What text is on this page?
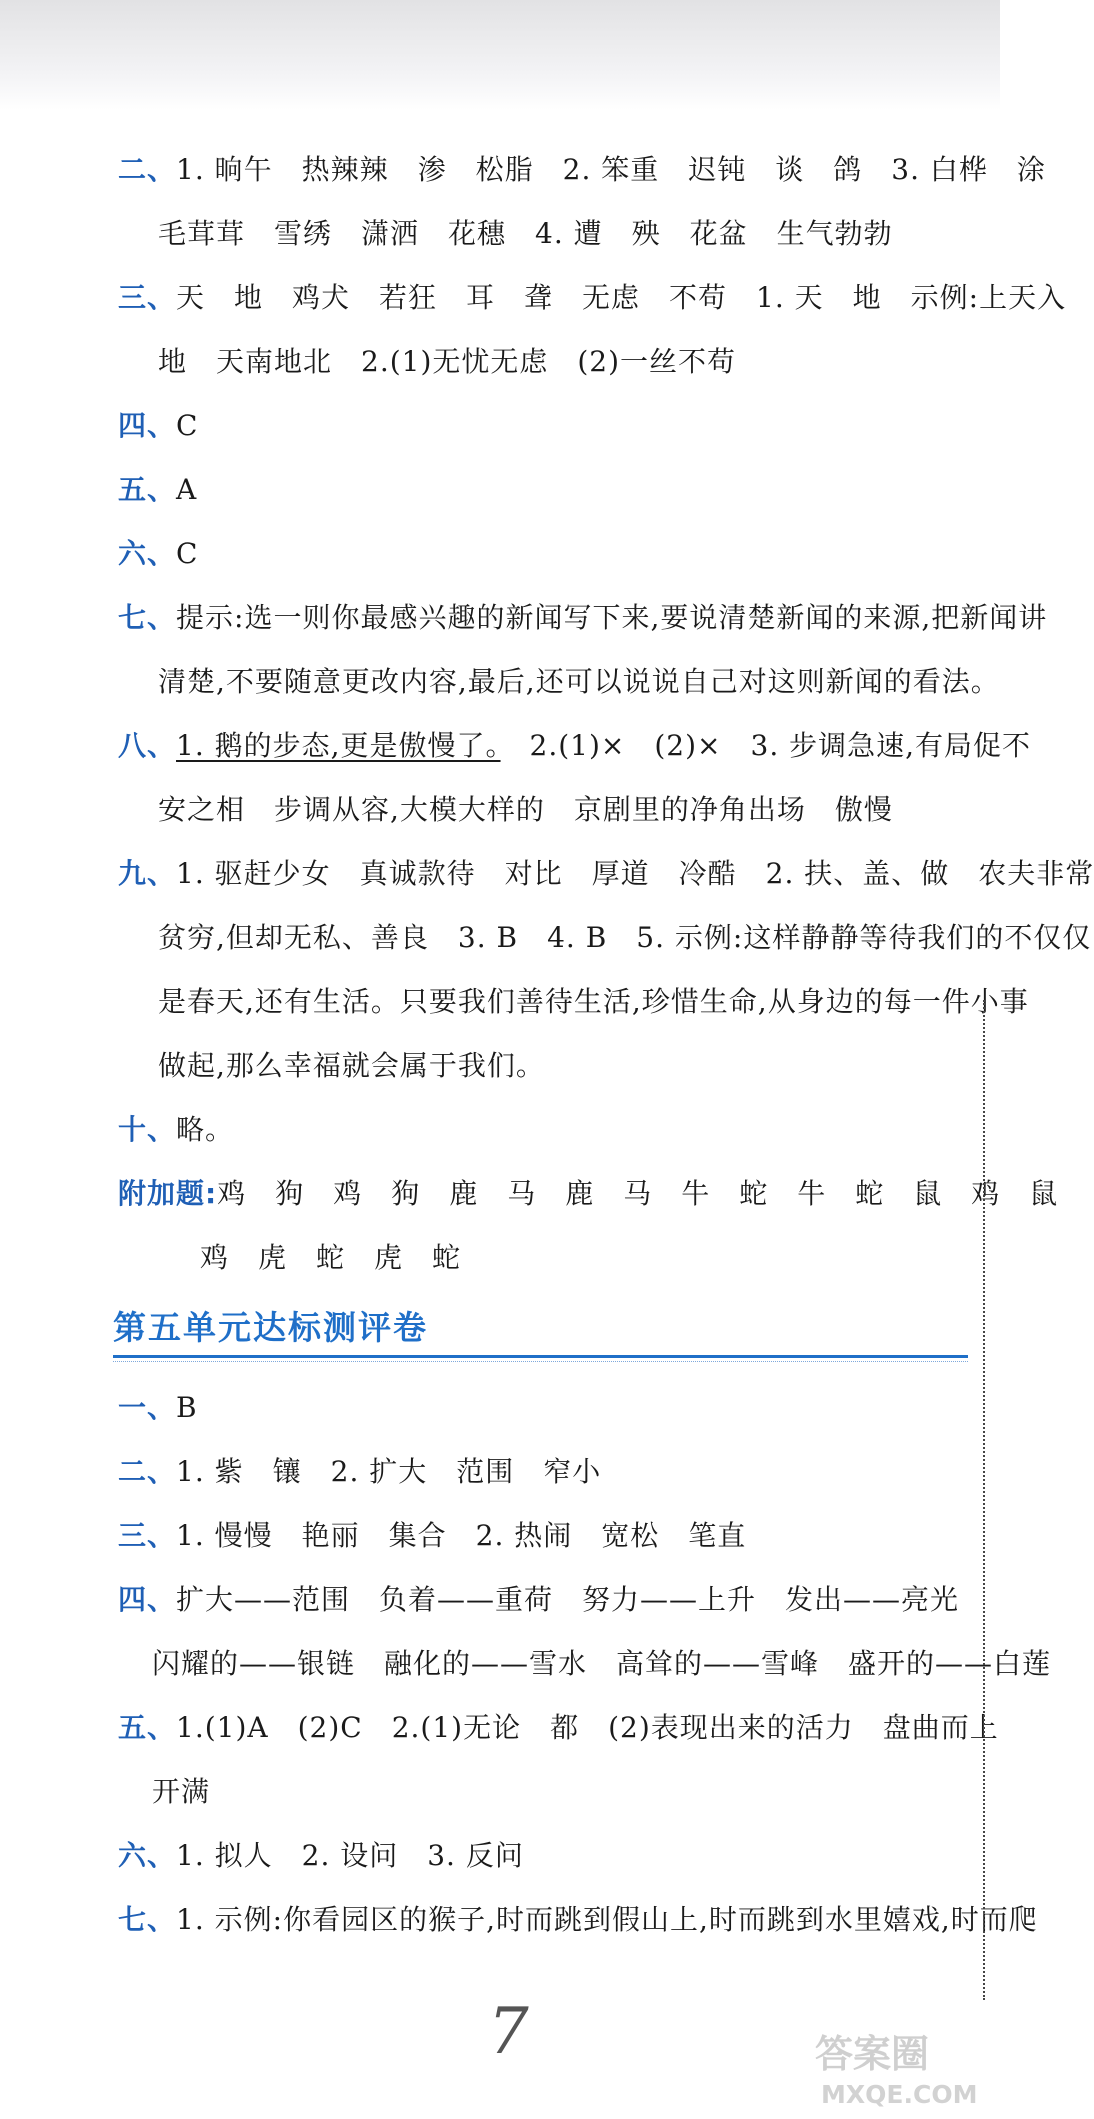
二、1. 晌午　热辣辣　渗　松脂　2. 笨重　迟钝　谈　鸽　3. 白桦　涂
毛茸茸　雪绣　潇洒　花穗　4. 遭　殃　花盆　生气勃勃
三、天　地　鸡犬　若狂　耳　聋　无虑　不苟　1. 天　地　示例:上天入
地　天南地北　2.(1)无忧无虑　(2)一丝不苟
四、C
五、A
六、C
七、提示:选一则你最感兴趣的新闻写下来,要说清楚新闻的来源,把新闻讲
清楚,不要随意更改内容,最后,还可以说说自己对这则新闻的看法。
八、1. 鹅的步态,更是傲慢了。　2.(1)×　(2)×　3. 步调急速,有局促不
安之相　步调从容,大模大样的　京剧里的净角出场　傲慢
九、1. 驱赶少女　真诚款待　对比　厚道　冷酷　2. 扶、盖、做　农夫非常
贫穷,但却无私、善良　3. B　4. B　5. 示例:这样静静等待我们的不仅仅
是春天,还有生活。只要我们善待生活,珍惜生命,从身边的每一件小事
做起,那么幸福就会属于我们。
十、略。
附加题:鸡　狗　鸡　狗　鹿　马　鹿　马　牛　蛇　牛　蛇　鼠　鸡　鼠
鸡　虎　蛇　虎　蛇
第五单元达标测评卷
一、B
二、1. 紫　镶　2. 扩大　范围　窄小
三、1. 慢慢　艳丽　集合　2. 热闹　宽松　笔直
四、扩大——范围　负着——重荷　努力——上升　发出——亮光
闪耀的——银链　融化的——雪水　高耸的——雪峰　盛开的——白莲
五、1.(1)A　(2)C　2.(1)无论　都　(2)表现出来的活力　盘曲而上
开满
六、1. 拟人　2. 设问　3. 反问
七、1. 示例:你看园区的猴子,时而跳到假山上,时而跳到水里嬉戏,时而爬
7	答案圈
MXQE.COM
